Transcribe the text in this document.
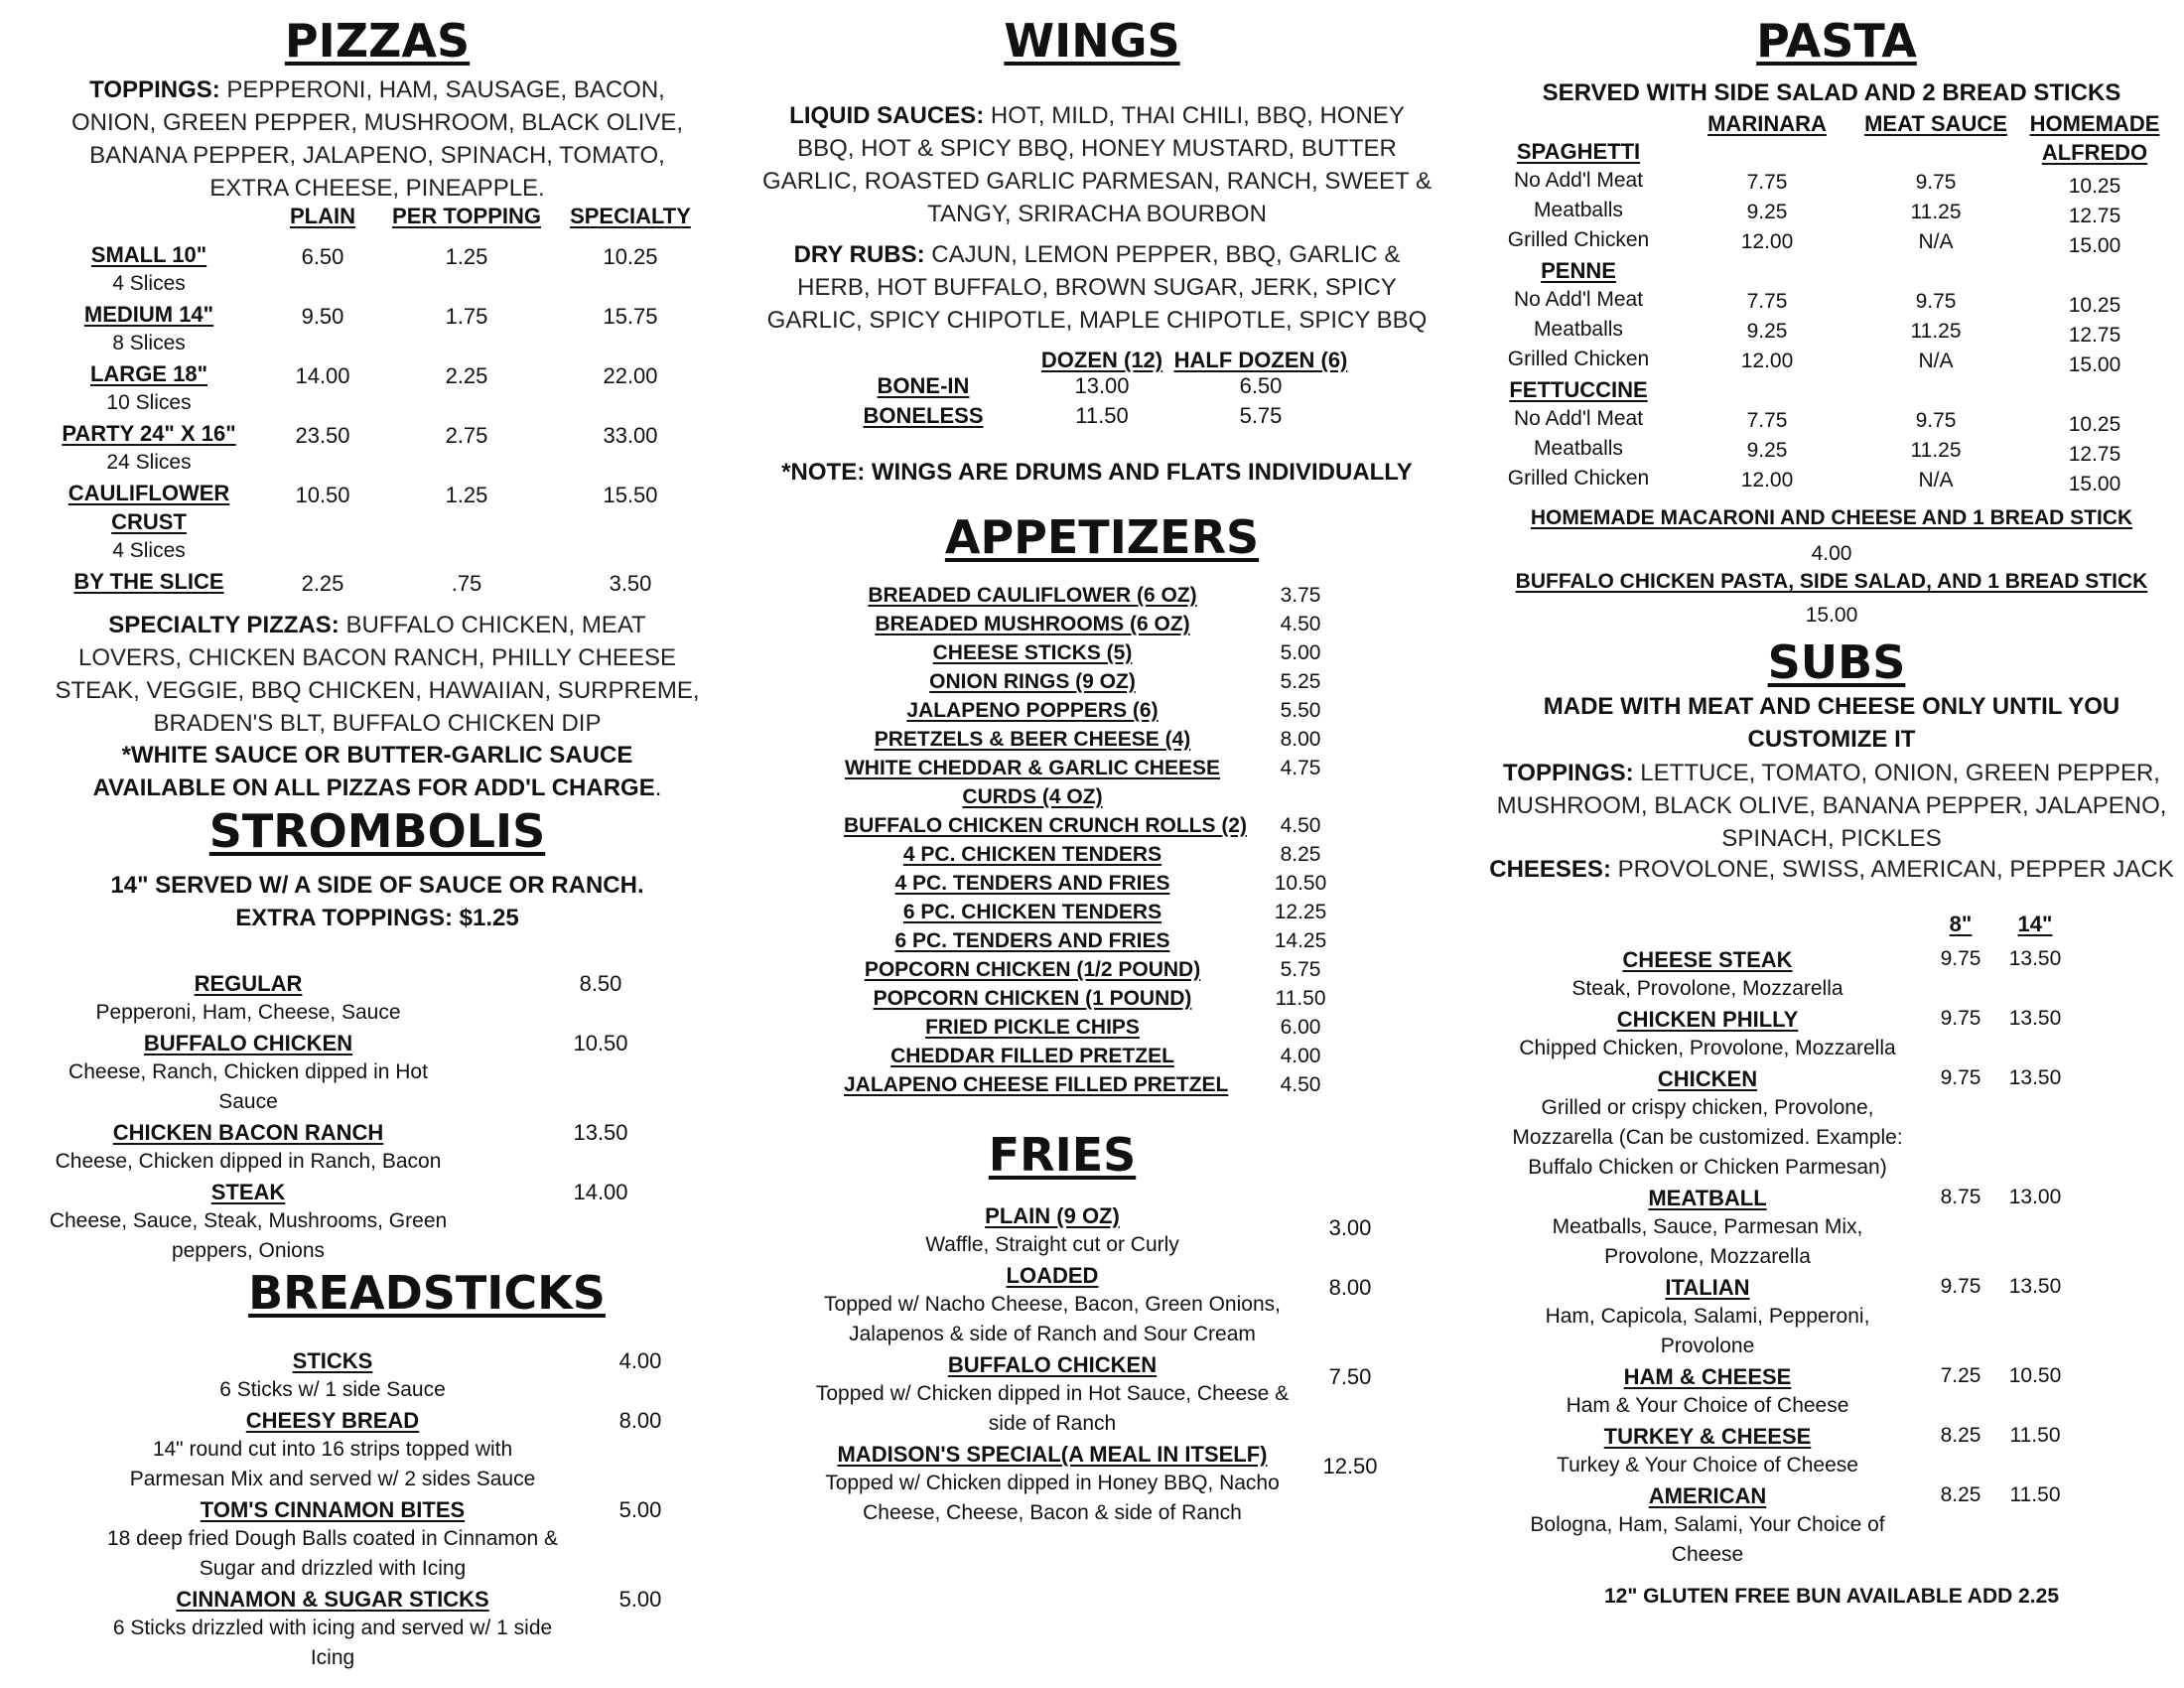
PIZZAS
TOPPINGS: PEPPERONI, HAM, SAUSAGE, BACON, ONION, GREEN PEPPER, MUSHROOM, BLACK OLIVE, BANANA PEPPER, JALAPENO, SPINACH, TOMATO, EXTRA CHEESE, PINEAPPLE.
PLAIN	PER TOPPING	SPECIALTY
SMALL 10"
4 Slices
6.50	1.25	10.25
MEDIUM 14"
8 Slices
9.50	1.75	15.75
LARGE 18"
10 Slices
14.00	2.25	22.00
PARTY 24" X 16"
24 Slices
23.50	2.75	33.00
CAULIFLOWER
CRUST
4 Slices
10.50	1.25	15.50
BY THE SLICE	2.25	.75	3.50
SPECIALTY PIZZAS: BUFFALO CHICKEN, MEAT LOVERS, CHICKEN BACON RANCH, PHILLY CHEESE STEAK, VEGGIE, BBQ CHICKEN, HAWAIIAN, SURPREME, BRADEN'S BLT, BUFFALO CHICKEN DIP
*WHITE SAUCE OR BUTTER-GARLIC SAUCE
AVAILABLE ON ALL PIZZAS FOR ADD'L CHARGE.
STROMBOLIS
14" SERVED W/ A SIDE OF SAUCE OR RANCH.
EXTRA TOPPINGS: $1.25
REGULAR
Pepperoni, Ham, Cheese, Sauce
8.50
BUFFALO CHICKEN
Cheese, Ranch, Chicken dipped in Hot
Sauce
10.50
CHICKEN BACON RANCH
Cheese, Chicken dipped in Ranch, Bacon
13.50
STEAK
Cheese, Sauce, Steak, Mushrooms, Green
peppers, Onions
14.00
BREADSTICKS
STICKS
6 Sticks w/ 1 side Sauce
4.00
CHEESY BREAD
14" round cut into 16 strips topped with
Parmesan Mix and served w/ 2 sides Sauce
8.00
TOM'S CINNAMON BITES
18 deep fried Dough Balls coated in Cinnamon &
Sugar and drizzled with Icing
5.00
CINNAMON & SUGAR STICKS
6 Sticks drizzled with icing and served w/ 1 side
Icing
5.00
WINGS
LIQUID SAUCES: HOT, MILD, THAI CHILI, BBQ, HONEY BBQ, HOT & SPICY BBQ, HONEY MUSTARD, BUTTER GARLIC, ROASTED GARLIC PARMESAN, RANCH, SWEET & TANGY, SRIRACHA BOURBON
DRY RUBS: CAJUN, LEMON PEPPER, BBQ, GARLIC & HERB, HOT BUFFALO, BROWN SUGAR, JERK, SPICY GARLIC, SPICY CHIPOTLE, MAPLE CHIPOTLE, SPICY BBQ
DOZEN (12) HALF DOZEN (6)
BONE-IN	13.00	6.50
BONELESS	11.50	5.75
*NOTE: WINGS ARE DRUMS AND FLATS INDIVIDUALLY
APPETIZERS
BREADED CAULIFLOWER (6 OZ)	3.75
BREADED MUSHROOMS (6 OZ)	4.50
CHEESE STICKS (5)	5.00
ONION RINGS (9 OZ)	5.25
JALAPENO POPPERS (6)	5.50
PRETZELS & BEER CHEESE (4)	8.00
WHITE CHEDDAR & GARLIC CHEESE
CURDS (4 OZ)
4.75
BUFFALO CHICKEN CRUNCH ROLLS (2)	4.50
4 PC. CHICKEN TENDERS	8.25
4 PC. TENDERS AND FRIES	10.50
6 PC. CHICKEN TENDERS	12.25
6 PC. TENDERS AND FRIES	14.25
POPCORN CHICKEN (1/2 POUND)	5.75
POPCORN CHICKEN (1 POUND)	11.50
FRIED PICKLE CHIPS	6.00
CHEDDAR FILLED PRETZEL	4.00
JALAPENO CHEESE FILLED PRETZEL	4.50
FRIES
PLAIN (9 OZ)
Waffle, Straight cut or Curly
3.00
LOADED
Topped w/ Nacho Cheese, Bacon, Green Onions,
Jalapenos & side of Ranch and Sour Cream
8.00
BUFFALO CHICKEN
Topped w/ Chicken dipped in Hot Sauce, Cheese &
side of Ranch
7.50
MADISON'S SPECIAL(A MEAL IN ITSELF)
Topped w/ Chicken dipped in Honey BBQ, Nacho
Cheese, Cheese, Bacon & side of Ranch
12.50
PASTA
SERVED WITH SIDE SALAD AND 2 BREAD STICKS
MARINARA	MEAT SAUCE	HOMEMADE
ALFREDO
SPAGHETTI
No Add'l Meat	7.75	9.75	10.25
Meatballs	9.25	11.25	12.75
Grilled Chicken	12.00	N/A	15.00
PENNE
No Add'l Meat	7.75	9.75	10.25
Meatballs	9.25	11.25	12.75
Grilled Chicken	12.00	N/A	15.00
FETTUCCINE
No Add'l Meat	7.75	9.75	10.25
Meatballs	9.25	11.25	12.75
Grilled Chicken	12.00	N/A	15.00
HOMEMADE MACARONI AND CHEESE AND 1 BREAD STICK
4.00
BUFFALO CHICKEN PASTA, SIDE SALAD, AND 1 BREAD STICK
15.00
SUBS
MADE WITH MEAT AND CHEESE ONLY UNTIL YOU
CUSTOMIZE IT
TOPPINGS: LETTUCE, TOMATO, ONION, GREEN PEPPER, MUSHROOM, BLACK OLIVE, BANANA PEPPER, JALAPENO, SPINACH, PICKLES
CHEESES: PROVOLONE, SWISS, AMERICAN, PEPPER JACK
8"	14"
CHEESE STEAK
Steak, Provolone, Mozzarella
9.75	13.50
CHICKEN PHILLY
Chipped Chicken, Provolone, Mozzarella
9.75	13.50
CHICKEN
Grilled or crispy chicken, Provolone,
Mozzarella (Can be customized. Example:
Buffalo Chicken or Chicken Parmesan)
9.75	13.50
MEATBALL
Meatballs, Sauce, Parmesan Mix,
Provolone, Mozzarella
8.75	13.00
ITALIAN
Ham, Capicola, Salami, Pepperoni,
Provolone
9.75	13.50
HAM & CHEESE
Ham & Your Choice of Cheese
7.25	10.50
TURKEY & CHEESE
Turkey & Your Choice of Cheese
8.25	11.50
AMERICAN
Bologna, Ham, Salami, Your Choice of
Cheese
8.25	11.50
12" GLUTEN FREE BUN AVAILABLE ADD 2.25
